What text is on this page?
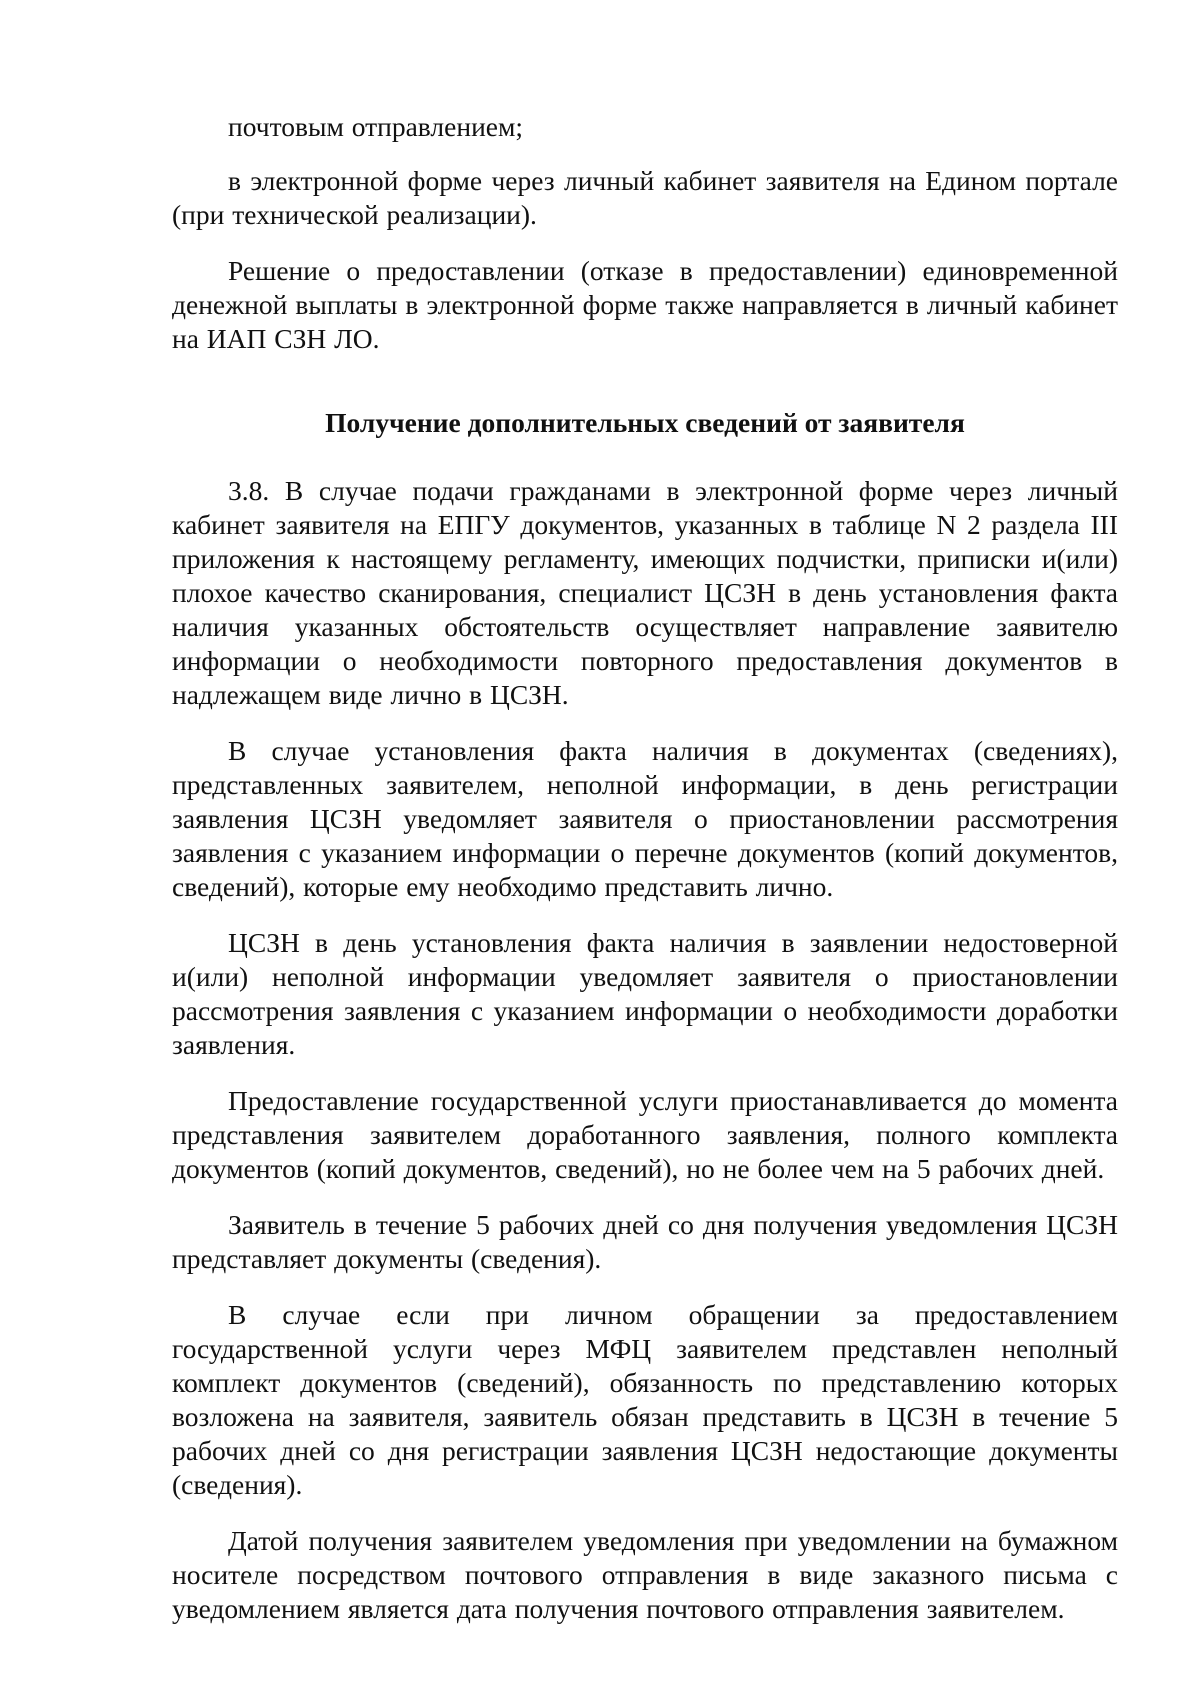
почтовым отправлением;

в электронной форме через личный кабинет заявителя на Едином портале (при технической реализации).

Решение о предоставлении (отказе в предоставлении) единовременной денежной выплаты в электронной форме также направляется в личный кабинет на ИАП СЗН ЛО.

Получение дополнительных сведений от заявителя

3.8. В случае подачи гражданами в электронной форме через личный кабинет заявителя на ЕПГУ документов, указанных в таблице N 2 раздела III приложения к настоящему регламенту, имеющих подчистки, приписки и(или) плохое качество сканирования, специалист ЦСЗН в день установления факта наличия указанных обстоятельств осуществляет направление заявителю информации о необходимости повторного предоставления документов в надлежащем виде лично в ЦСЗН.

В случае установления факта наличия в документах (сведениях), представленных заявителем, неполной информации, в день регистрации заявления ЦСЗН уведомляет заявителя о приостановлении рассмотрения заявления с указанием информации о перечне документов (копий документов, сведений), которые ему необходимо представить лично.

ЦСЗН в день установления факта наличия в заявлении недостоверной и(или) неполной информации уведомляет заявителя о приостановлении рассмотрения заявления с указанием информации о необходимости доработки заявления.

Предоставление государственной услуги приостанавливается до момента представления заявителем доработанного заявления, полного комплекта документов (копий документов, сведений), но не более чем на 5 рабочих дней.

Заявитель в течение 5 рабочих дней со дня получения уведомления ЦСЗН представляет документы (сведения).

В случае если при личном обращении за предоставлением государственной услуги через МФЦ заявителем представлен неполный комплект документов (сведений), обязанность по представлению которых возложена на заявителя, заявитель обязан представить в ЦСЗН в течение 5 рабочих дней со дня регистрации заявления ЦСЗН недостающие документы (сведения).

Датой получения заявителем уведомления при уведомлении на бумажном носителе посредством почтового отправления в виде заказного письма с уведомлением является дата получения почтового отправления заявителем.
